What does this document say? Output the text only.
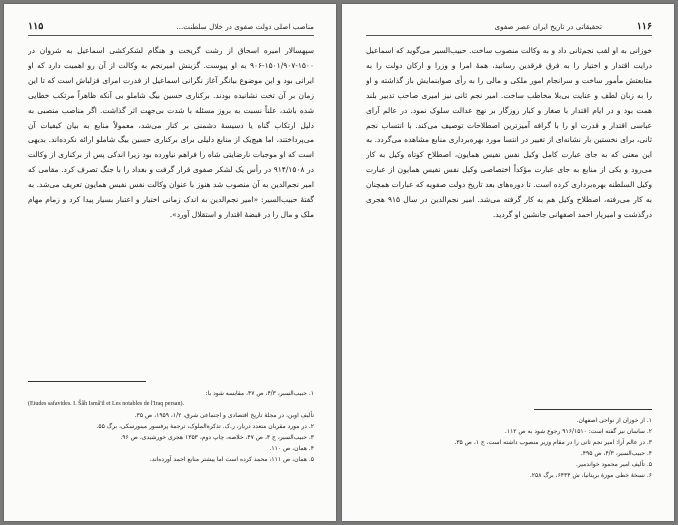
۱۱۵	مناصب اصلی دولت صفوی در خلال سلطنت...

سپهسالار امیره اسحاق از رشت گریخت و هنگام لشکرکشی اسماعیل به شروان در ۱۵۰۰-۱۵۰۱/۹۰۷-۹۰۶ به او پیوست. گزینش امیرنجم به وکالت از آن رو اهمیت دارد که او ایرانی بود و این موضوع بیانگر آغاز نگرانی اسماعیل از قدرت امرای قزلباش است که تا این زمان بر آن تخت نشانیده بودند. برکناری حسین بیگ شاملو بی آنکه ظاهراً مرتکب خطایی شده باشد، علناً نسبت به بروز مسئله با شدت بی‌جهت اثر گذاشت. اگر مناصب منصبی به دلیل ارتکاب گناه یا دسیسهٔ دشمنی بر کنار می‌شد، معمولاً منابع به بیان کیفیات آن می‌پرداختند، اما هیچ‌یک از منابع دلیلی برای برکناری حسین بیگ شاملو ارائه نکرده‌اند. بدیهی است که او موجبات نارضایتی شاه را فراهم نیاورده بود زیرا اندکی پس از برکناری از وکالت در ۹۱۴/۱۵۰۸ در رأس یک لشکر صفوی قرار گرفت و بغداد را با جنگ تصرف کرد. مقامی که امیر نجم‌الدین به آن منصوب شد هنوز با عنوان وکالت نفس نفیس همایون تعریف می‌شد. به گفتهٔ حبیب‌السیر: «امیر نجم‌الدین به اندک زمانی اختیار و اعتبار بسیار پیدا کرد و زمام مهام ملک و مال را در قبضهٔ اقتدار و استقلال آورد».

۱. حبیب‌السیر، ۴/۳، ص ۴۷، مقایسه شود با:
(Etudes safavides. I. Šâh Ismâ'il et Les notables de l'Iraq persan).
تألیف اوبن، در مجلهٔ تاریخ اقتصادی و اجتماعی شرق، ۱/۲، ۱۹۵۹، ص ۳۵.
۲. در مورد مقربان متعدد دربار، ر.ک. تذکرةالملوک، ترجمهٔ پرفسور مینورسکی، برگ ۵۵.
۳. حبیب‌السیر، ج ۴، ص ۴۷، خلاصه، چاپ دوم، ۱۳۵۳ هجری خورشیدی، ص ۹۶.
۴. همان، ص ۱۱۰.
۵. همان، ص ۱۱۱، محمد کرده است اما پیشتر منابع احمد آورده‌اند.
۱۱۶
تحقیقاتی در تاریخ ایران عصر صفوی

خوزانی به او لقب نجم‌ثانی داد و به وکالت منصوب ساخت. حبیب‌السیر می‌گوید که اسماعیل درایت اقتدار و اختیار را به فرق فرقدین رسانید، همهٔ امرا و وزرا و ارکان دولت را به متابعتش مأمور ساخت و سرانجام امور ملکی و مالی را به رأی صوابنمایش باز گذاشته و او را به زبان لطف و عنایت بی‌بلا مخاطب ساخت. امیر نجم ثانی نیز امیری صاحب تدبیر بلند همت بود و در ایام اقتدار با صغار و کبار روزگار بر نهج عدالت سلوک نمود. در عالم آرای عباسی اقتدار و قدرت او را با گرافه آمیزترین اصطلاحات توصیف می‌کند. با انتساب نجم ثانی، برای نخستین بار نشانه‌ای از تغییر در انتسا مورد بهره‌برداری منابع مشاهده می‌گردد. به این معنی که به جای عبارت کامل وکیل نفس نفیس همایون، اصطلاح کوتاه وکیل به کار می‌رود و یکی از منابع به جای عبارت مؤکداً اختصاصی وکیل نفس نفیس همایون از عبارت وکیل السلطنه بهره‌برداری کرده است. تا دوره‌های بعد تاریخ دولت صفویه که عبارات همچنان به کار می‌رفته، اصطلاح وکیل هم به کار گرفته می‌شد. امیر نجم‌الدین در سال ۹۱۵ هجری درگذشت و امیریار احمد اصفهانی جانشین او گردید.

۱. از خوزان از نواحی اصفهان.
۲. ساسان نیز گفته است: ۹۱۶/۱۵۱۰ رجوع شود به ص ۱۱۲.
۳. در عالم آرا: امیر نجم ثانی را در مقام وزیر منصوب داشته است، ج ۱، ص ۳۵.
۴. حبیب‌السیر، ۴/۳، ص ۴۹۵.
۵. تألیف امیر محمود خواندمیر.
۶. نسخهٔ خطی موزهٔ بریتانیا، ش ۶۴۳۴، برگ ۲۵۸.
